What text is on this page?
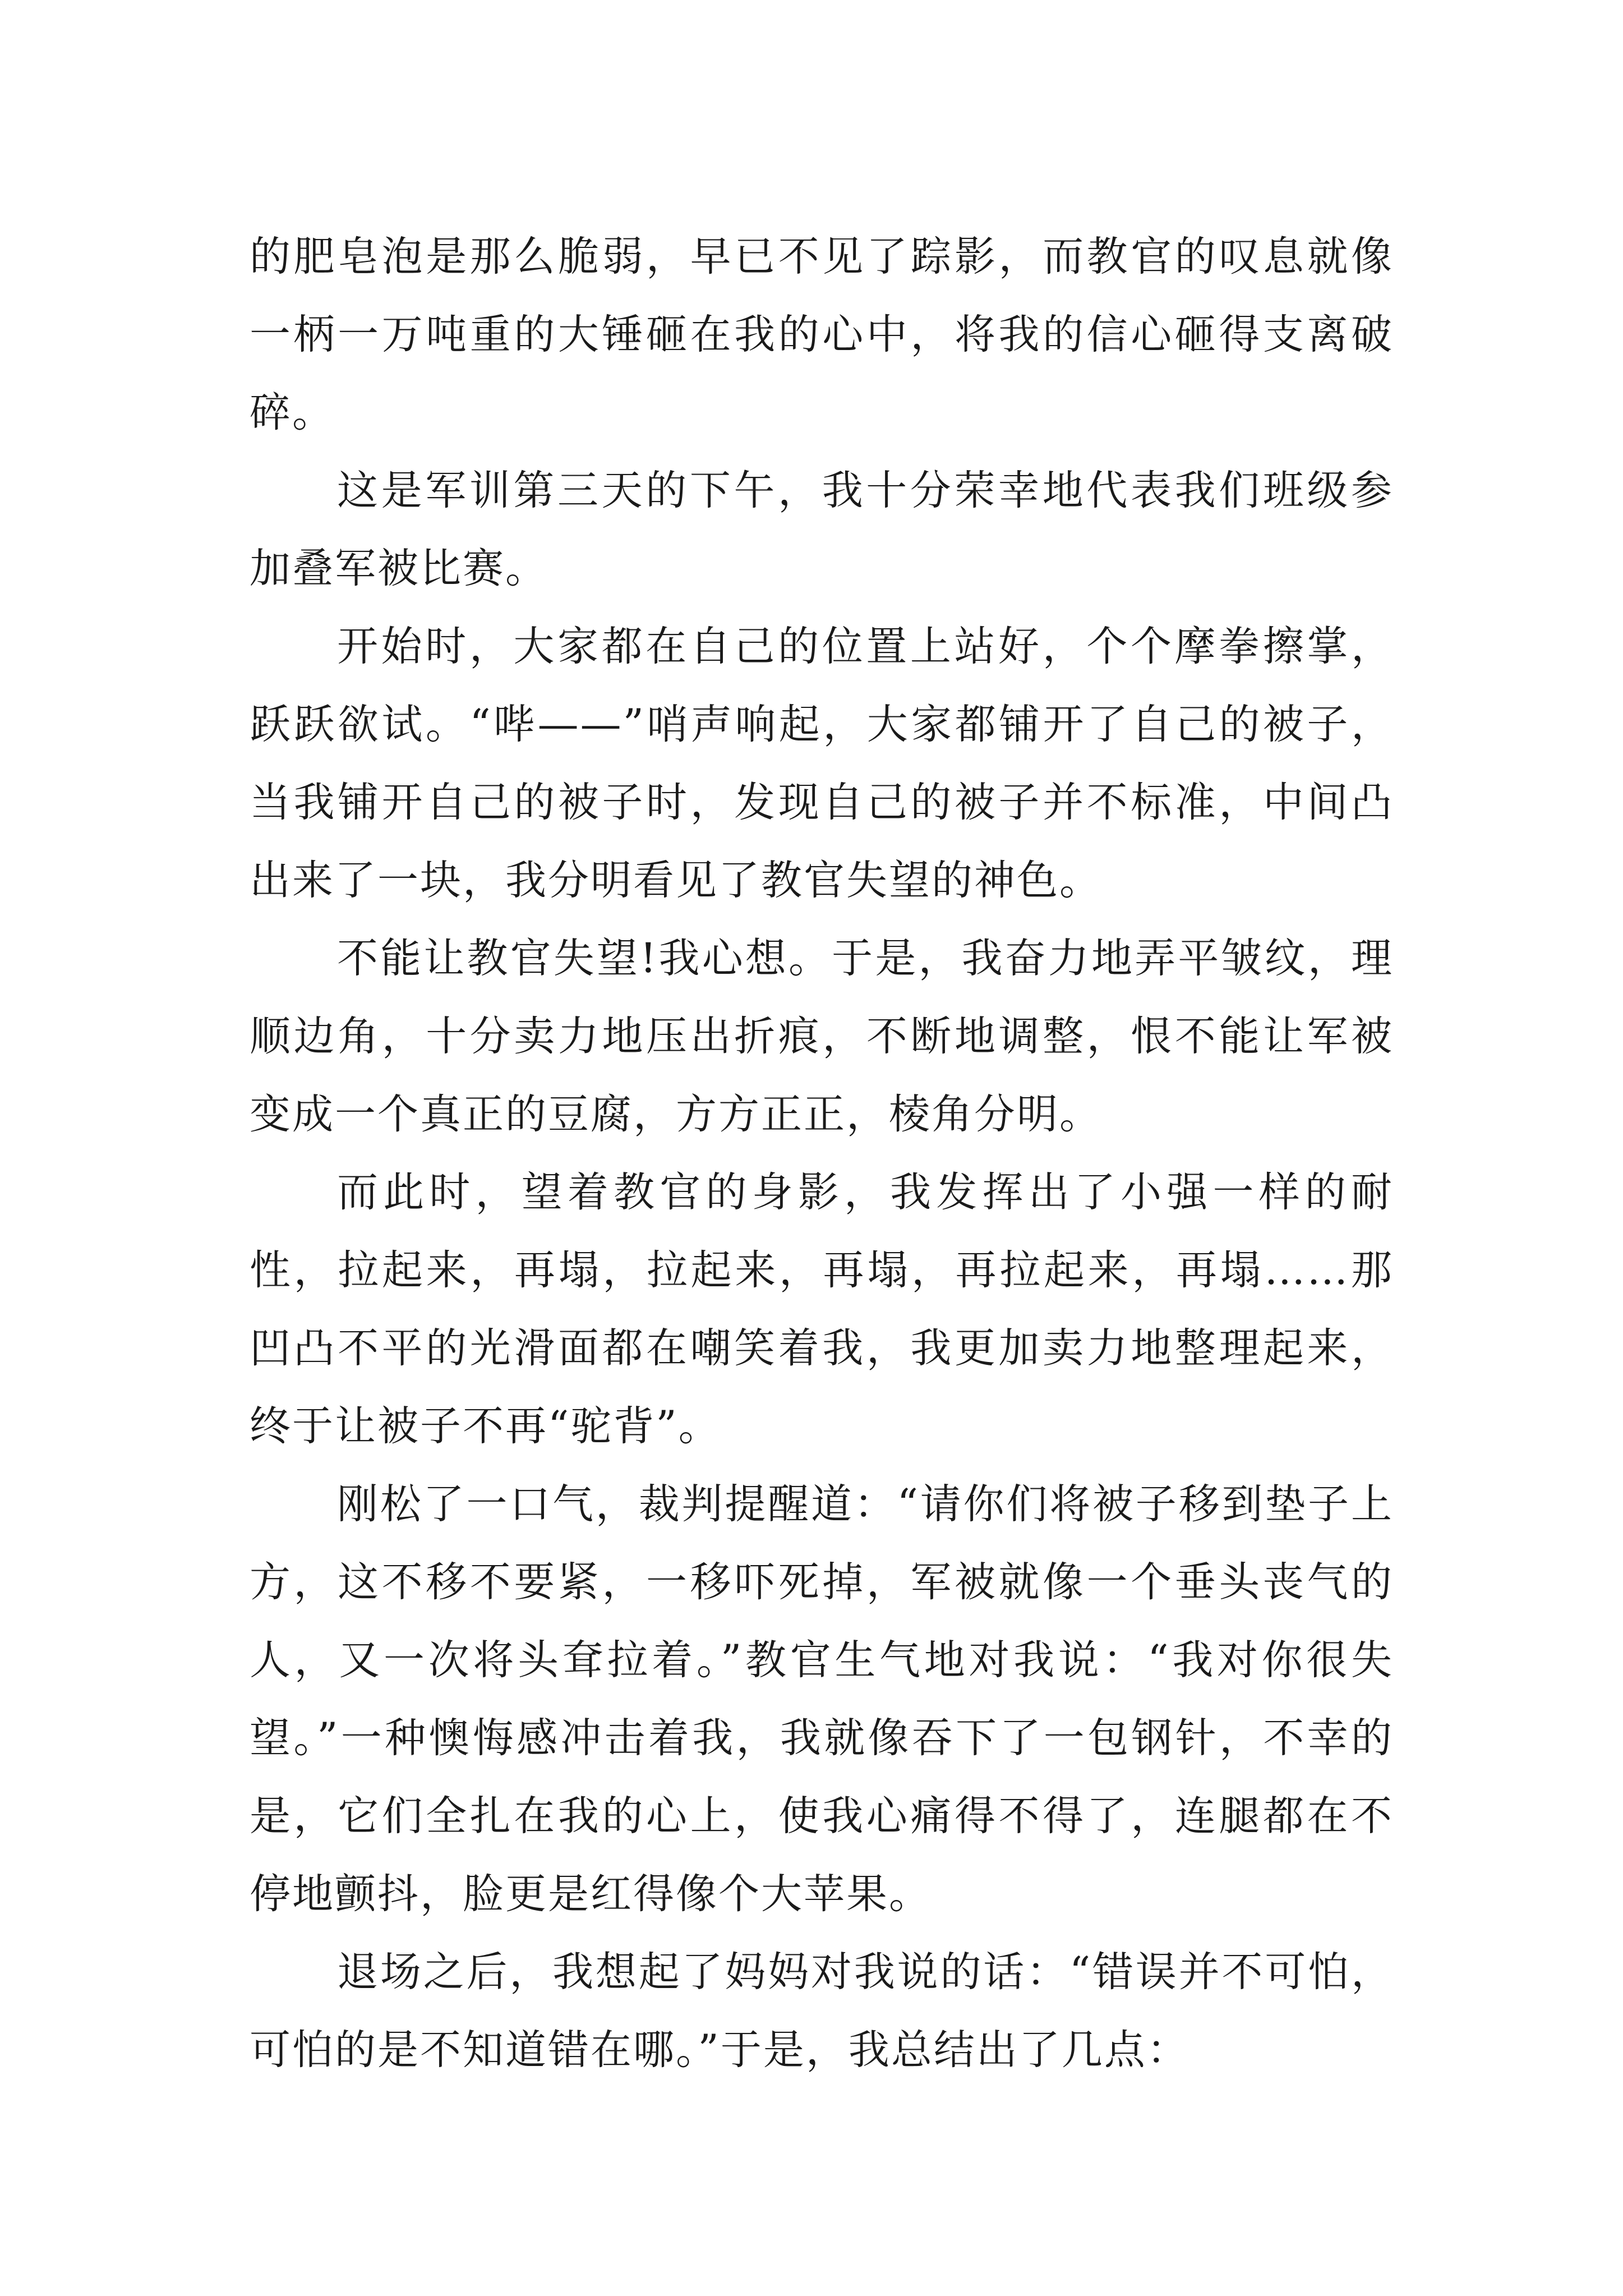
的肥皂泡是那么脆弱，早已不见了踪影，而教官的叹息就像一柄一万吨重的大锤砸在我的心中，将我的信心砸得支离破碎。

这是军训第三天的下午，我十分荣幸地代表我们班级参加叠军被比赛。

开始时，大家都在自己的位置上站好，个个摩拳擦掌，跃跃欲试。“哔——”哨声响起，大家都铺开了自己的被子，当我铺开自己的被子时，发现自己的被子并不标准，中间凸出来了一块，我分明看见了教官失望的神色。

不能让教官失望!我心想。于是，我奋力地弄平皱纹，理顺边角，十分卖力地压出折痕，不断地调整，恨不能让军被变成一个真正的豆腐，方方正正，棱角分明。

而此时，望着教官的身影，我发挥出了小强一样的耐性，拉起来，再塌，拉起来，再塌，再拉起来，再塌……那凹凸不平的光滑面都在嘲笑着我，我更加卖力地整理起来，终于让被子不再“驼背”。

刚松了一口气，裁判提醒道：“请你们将被子移到垫子上方，这不移不要紧，一移吓死掉，军被就像一个垂头丧气的人，又一次将头耷拉着。”教官生气地对我说：“我对你很失望。”一种懊悔感冲击着我，我就像吞下了一包钢针，不幸的是，它们全扎在我的心上，使我心痛得不得了，连腿都在不停地颤抖，脸更是红得像个大苹果。

退场之后，我想起了妈妈对我说的话：“错误并不可怕，可怕的是不知道错在哪。”于是，我总结出了几点：
